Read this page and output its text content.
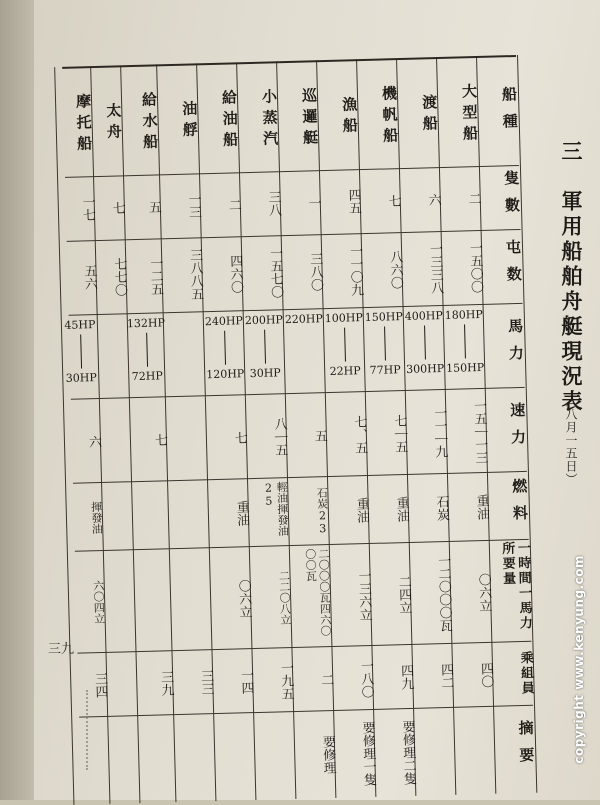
三　軍用船舶舟艇現況表
（八月一五日）
船種
隻數
屯数
馬力
速力
燃料
一時間一馬力所要量
乘組員
摘要
大型船
二
一五〇〇
180HP
150HP
一五｜一三
重油
〇六立
四〇
渡船
六
一三三八
400HP
300HP
一一｜九
石炭
一二〇〇〇瓦
四二
機帆船
七
八六〇
150HP
77HP
七｜五
重油
二四立
四九
要修理二隻
漁船
四五
一一〇九
100HP
22HP
七、五
重油
一三六立
一八〇
要修理一隻
巡邏艇
一
三八〇
220HP
五
石炭23
二〇〇〇瓦四六〇〇〇瓦
二
要修理
小蒸汽
三八
一五七〇
200HP
30HP
八｜五
輕油揮發油25
二二〇八立
一九五
給油船
二
四六〇
240HP
120HP
七
重油
〇六立
一四
油艀
一三
三八八五
三三
給水船
五
一二五
132HP
72HP
七
三九
太舟
七
七七〇
摩托船
一七
五六
45HP
30HP
六
揮發油
六〇四立
三四
三九	copyright www.kenyung.com
